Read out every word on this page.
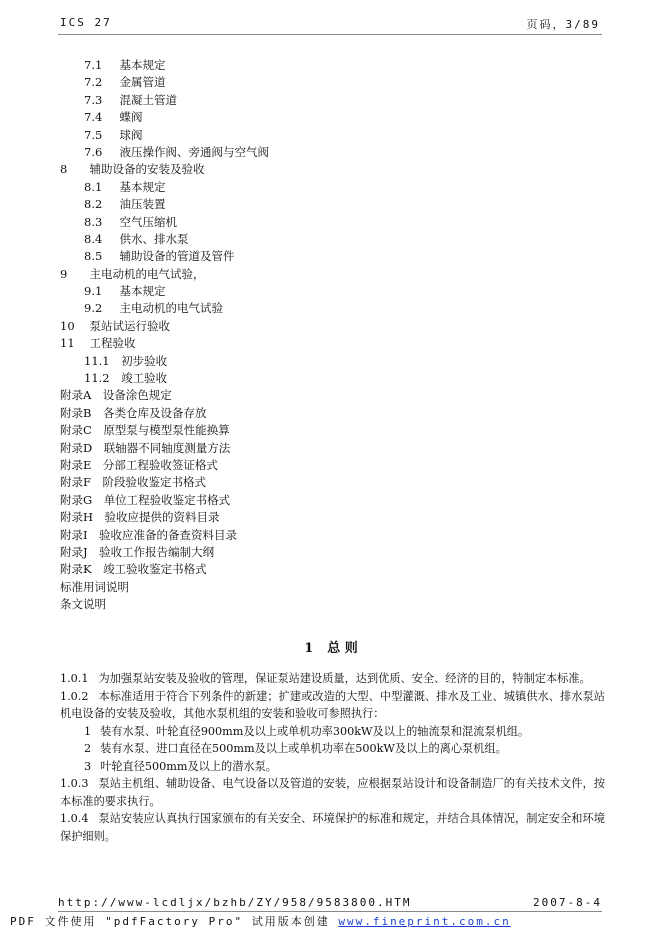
ICS 27	页码，3/89
7.1  基本规定
7.2  金属管道
7.3  混凝土管道
7.4  蝶阀
7.5  球阀
7.6  液压操作阀、旁通阀与空气阀
8  辅助设备的安装及验收
8.1  基本规定
8.2  油压装置
8.3  空气压缩机
8.4  供水、排水泵
8.5  辅助设备的管道及管件
9  主电动机的电气试验，
9.1  基本规定
9.2  主电动机的电气试验
10  泵站试运行验收
11  工程验收
11.1  初步验收
11.2  竣工验收
附录A  设备涂色规定
附录B  各类仓库及设备存放
附录C  原型泵与模型泵性能换算
附录D  联轴器不同轴度测量方法
附录E  分部工程验收签证格式
附录F  阶段验收鉴定书格式
附录G  单位工程验收鉴定书格式
附录H  验收应提供的资料目录
附录I  验收应准备的备查资料目录
附录J  验收工作报告编制大纲
附录K  竣工验收鉴定书格式
标准用词说明
条文说明
1 总 则

1.0.1 为加强泵站安装及验收的管理，保证泵站建设质量，达到优质、安全、经济的目的，特制定本标准。

1.0.2 本标准适用于符合下列条件的新建；扩建或改造的大型、中型灌溉、排水及工业、城镇供水、排水泵站机电设备的安装及验收，其他水泵机组的安装和验收可参照执行：

1 装有水泵、叶轮直径900mm及以上或单机功率300kW及以上的轴流泵和混流泵机组。

2 装有水泵、进口直径在500mm及以上或单机功率在500kW及以上的离心泵机组。

3 叶轮直径500mm及以上的潜水泵。

1.0.3 泵站主机组、辅助设备、电气设备以及管道的安装，应根据泵站设计和设备制造厂的有关技术文件，按本标准的要求执行。

1.0.4 泵站安装应认真执行国家颁布的有关安全、环境保护的标准和规定，并结合具体情况，制定安全和环境保护细则。

http://www-lcdljx/bzhb/ZY/958/9583800.HTM	2007-8-4
PDF 文件使用 "pdfFactory Pro" 试用版本创建 www.fineprint.com.cn
